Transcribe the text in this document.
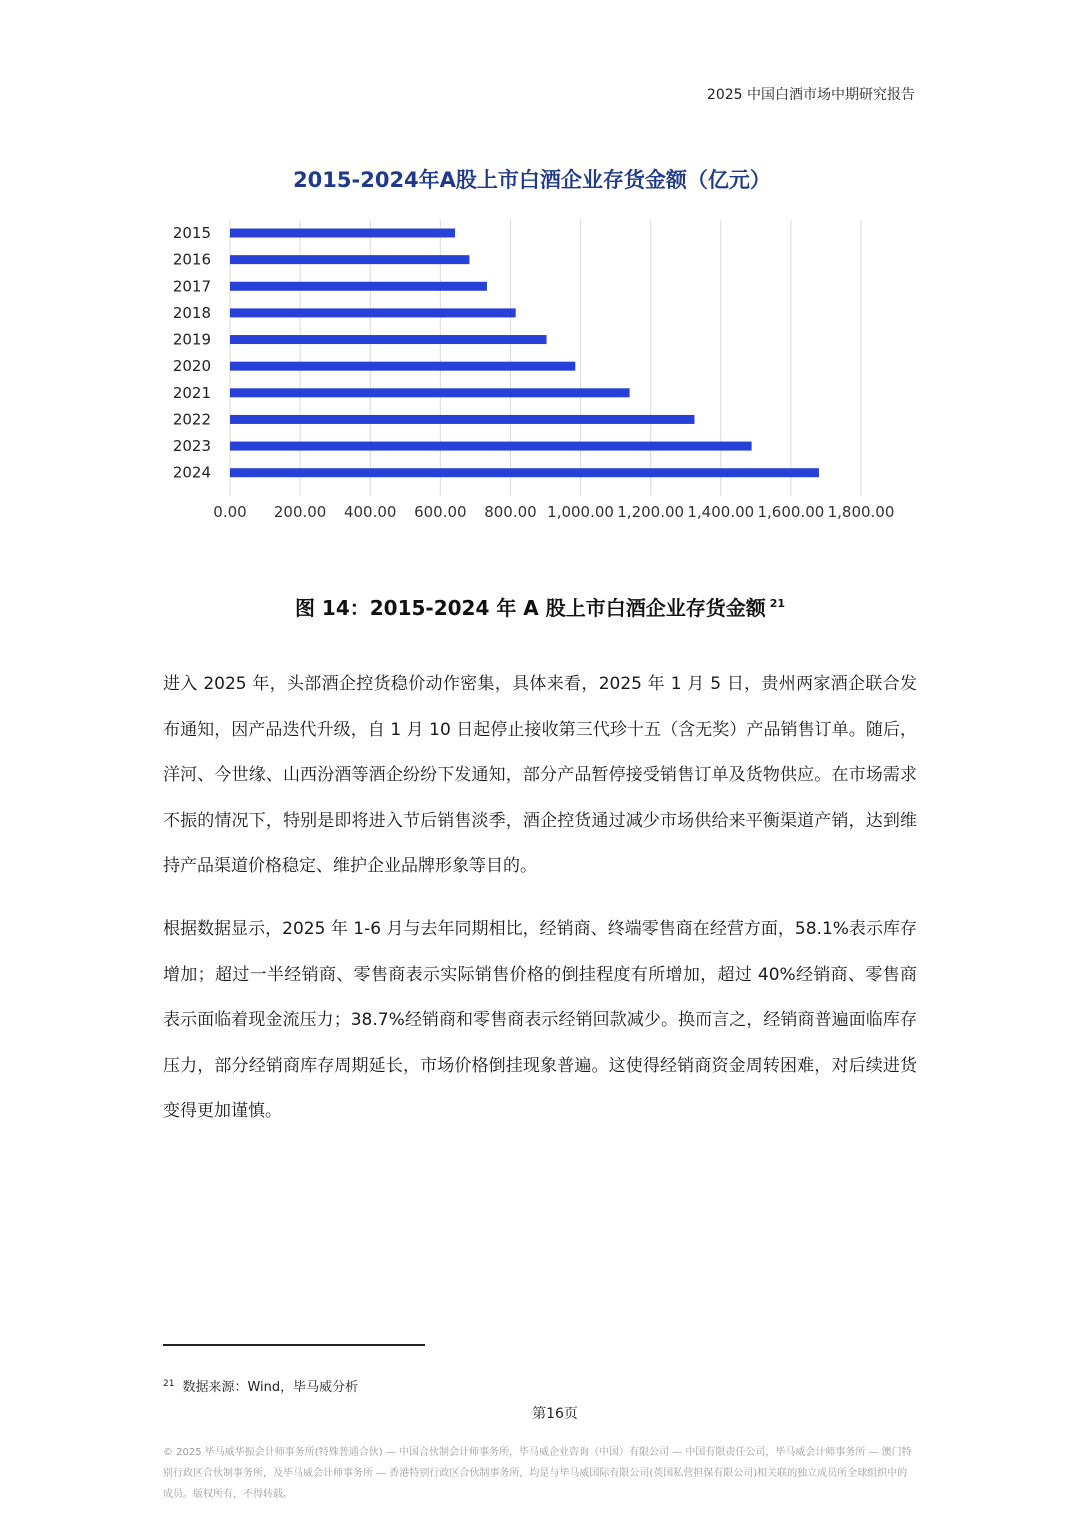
2025 中国白酒市场中期研究报告
2015-2024年A股上市白酒企业存货金额（亿元）
2015
2016
2017
2018
2019
2020
2021
2022
2023
2024
0.00 200.00 400.00 600.00 800.00 1,000.00 1,200.00 1,400.00 1,600.00 1,800.00
图 14：2015-2024 年 A 股上市白酒企业存货金额 $^{21}$

进入 2025 年，头部酒企控货稳价动作密集，具体来看，2025 年 1 月 5 日，贵州两家酒企联合发布通知，因产品迭代升级，自 1 月 10 日起停止接收第三代珍十五（含无奖）产品销售订单。随后，洋河、今世缘、山西汾酒等酒企纷纷下发通知，部分产品暂停接受销售订单及货物供应。在市场需求不振的情况下，特别是即将进入节后销售淡季，酒企控货通过减少市场供给来平衡渠道产销，达到维持产品渠道价格稳定、维护企业品牌形象等目的。

根据数据显示，2025 年 1-6 月与去年同期相比，经销商、终端零售商在经营方面，58.1%表示库存增加；超过一半经销商、零售商表示实际销售价格的倒挂程度有所增加，超过 40%经销商、零售商表示面临着现金流压力；38.7%经销商和零售商表示经销回款减少。换而言之，经销商普遍面临库存压力，部分经销商库存周期延长，市场价格倒挂现象普遍。这使得经销商资金周转困难，对后续进货变得更加谨慎。

$^{21}$ 数据来源：Wind，毕马威分析
第16页
© 2025 毕马威华振会计师事务所(特殊普通合伙) — 中国合伙制会计师事务所，毕马威企业咨询（中国）有限公司 — 中国有限责任公司，毕马威会计师事务所 — 澳门特别行政区合伙制事务所，及毕马威会计师事务所 — 香港特别行政区合伙制事务所，均是与毕马威国际有限公司(英国私营担保有限公司)相关联的独立成员所全球组织中的成员。版权所有，不得转载。
